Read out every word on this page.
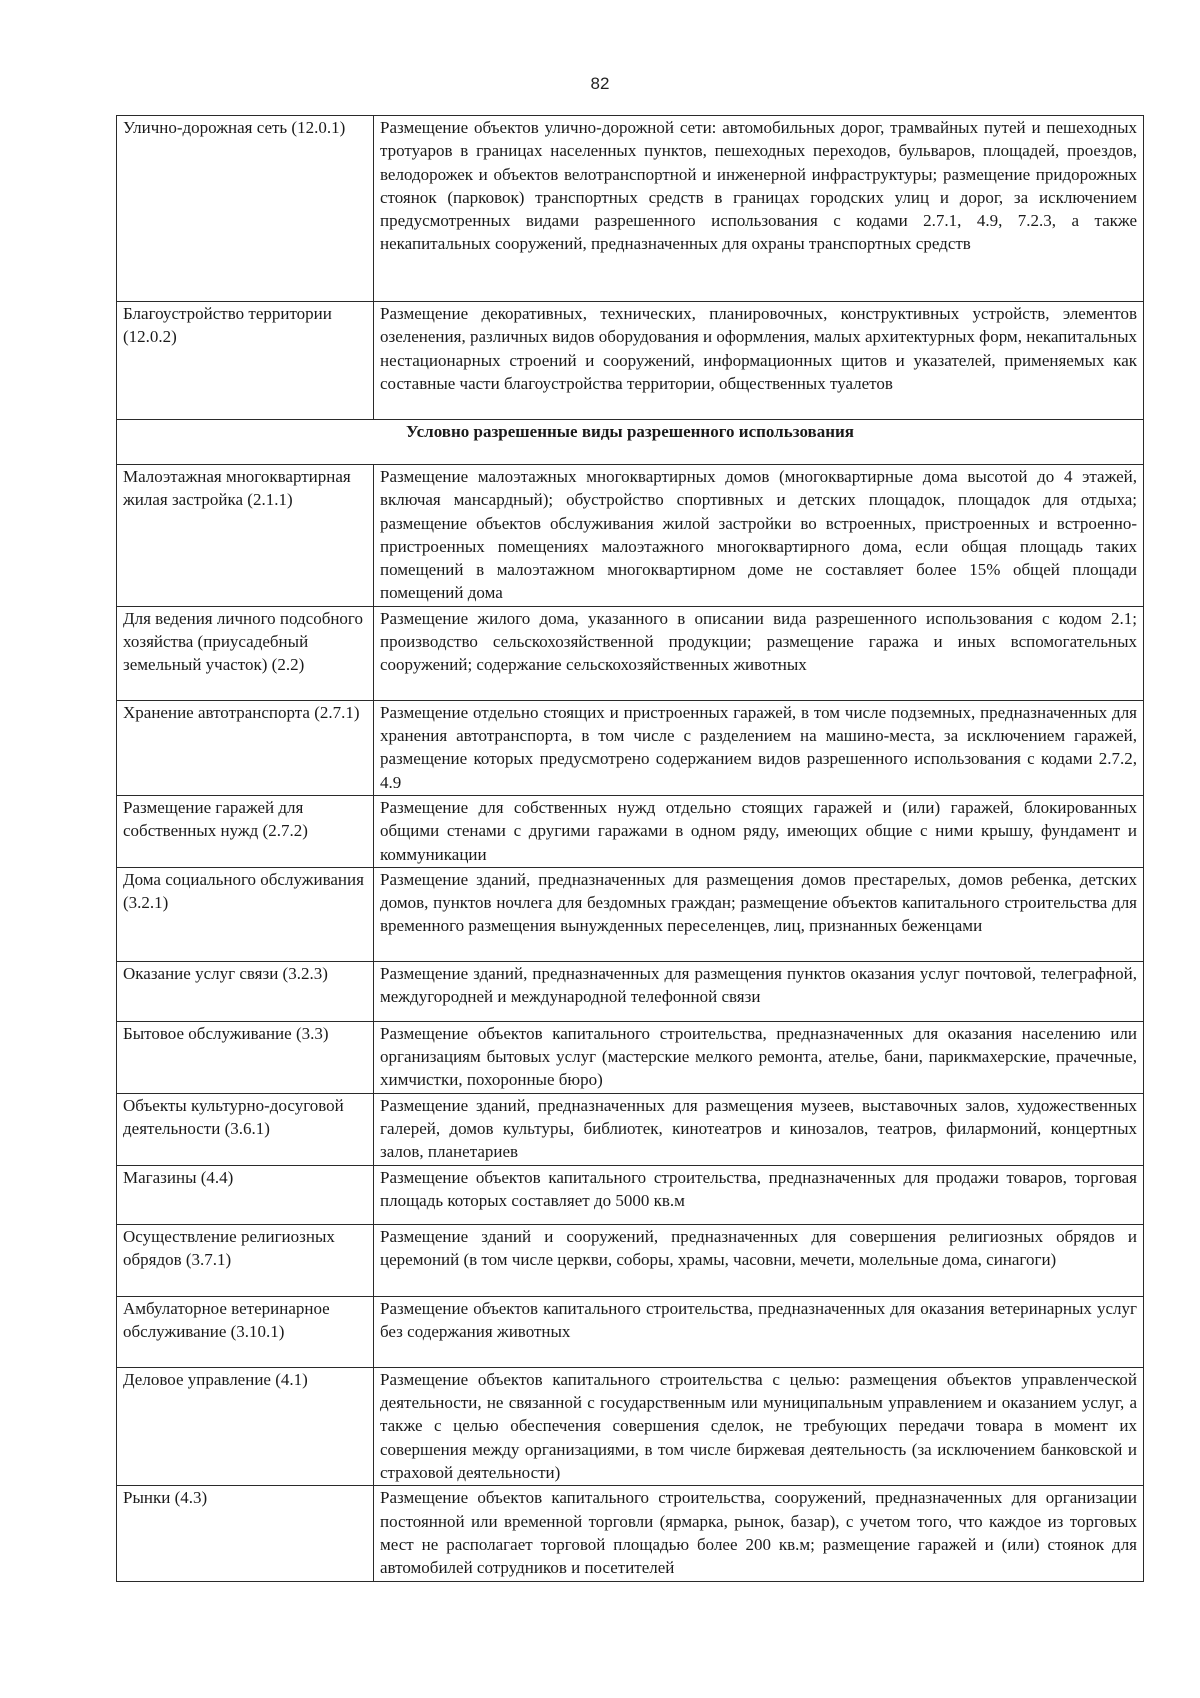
82
Улично-дорожная сеть (12.0.1)	Размещение объектов улично-дорожной сети: автомобильных дорог, трамвайных путей и пешеходных тротуаров в границах населенных пунктов, пешеходных переходов, бульваров, площадей, проездов, велодорожек и объектов велотранспортной и инженерной инфраструктуры; размещение придорожных стоянок (парковок) транспортных средств в границах городских улиц и дорог, за исключением предусмотренных видами разрешенного использования с кодами 2.7.1, 4.9, 7.2.3, а также некапитальных сооружений, предназначенных для охраны транспортных средств
Благоустройство территории (12.0.2)	Размещение декоративных, технических, планировочных, конструктивных устройств, элементов озеленения, различных видов оборудования и оформления, малых архитектурных форм, некапитальных нестационарных строений и сооружений, информационных щитов и указателей, применяемых как составные части благоустройства территории, общественных туалетов
Условно разрешенные виды разрешенного использования	
Малоэтажная многоквартирная жилая застройка (2.1.1)	Размещение малоэтажных многоквартирных домов (многоквартирные дома высотой до 4 этажей, включая мансардный); обустройство спортивных и детских площадок, площадок для отдыха; размещение объектов обслуживания жилой застройки во встроенных, пристроенных и встроенно-пристроенных помещениях малоэтажного многоквартирного дома, если общая площадь таких помещений в малоэтажном многоквартирном доме не составляет более 15% общей площади помещений дома
Для ведения личного подсобного хозяйства (приусадебный земельный участок) (2.2)	Размещение жилого дома, указанного в описании вида разрешенного использования с кодом 2.1; производство сельскохозяйственной продукции; размещение гаража и иных вспомогательных сооружений; содержание сельскохозяйственных животных
Хранение автотранспорта (2.7.1)	Размещение отдельно стоящих и пристроенных гаражей, в том числе подземных, предназначенных для хранения автотранспорта, в том числе с разделением на машино-места, за исключением гаражей, размещение которых предусмотрено содержанием видов разрешенного использования с кодами 2.7.2, 4.9
Размещение гаражей для собственных нужд (2.7.2)	Размещение для собственных нужд отдельно стоящих гаражей и (или) гаражей, блокированных общими стенами с другими гаражами в одном ряду, имеющих общие с ними крышу, фундамент и коммуникации
Дома социального обслуживания (3.2.1)	Размещение зданий, предназначенных для размещения домов престарелых, домов ребенка, детских домов, пунктов ночлега для бездомных граждан; размещение объектов капитального строительства для временного размещения вынужденных переселенцев, лиц, признанных беженцами
Оказание услуг связи (3.2.3)	Размещение зданий, предназначенных для размещения пунктов оказания услуг почтовой, телеграфной, междугородней и международной телефонной связи
Бытовое обслуживание (3.3)	Размещение объектов капитального строительства, предназначенных для оказания населению или организациям бытовых услуг (мастерские мелкого ремонта, ателье, бани, парикмахерские, прачечные, химчистки, похоронные бюро)
Объекты культурно-досуговой деятельности (3.6.1)	Размещение зданий, предназначенных для размещения музеев, выставочных залов, художественных галерей, домов культуры, библиотек, кинотеатров и кинозалов, театров, филармоний, концертных залов, планетариев
Магазины (4.4)	Размещение объектов капитального строительства, предназначенных для продажи товаров, торговая площадь которых составляет до 5000 кв.м
Осуществление религиозных обрядов (3.7.1)	Размещение зданий и сооружений, предназначенных для совершения религиозных обрядов и церемоний (в том числе церкви, соборы, храмы, часовни, мечети, молельные дома, синагоги)
Амбулаторное ветеринарное обслуживание (3.10.1)	Размещение объектов капитального строительства, предназначенных для оказания ветеринарных услуг без содержания животных
Деловое управление (4.1)	Размещение объектов капитального строительства с целью: размещения объектов управленческой деятельности, не связанной с государственным или муниципальным управлением и оказанием услуг, а также с целью обеспечения совершения сделок, не требующих передачи товара в момент их совершения между организациями, в том числе биржевая деятельность (за исключением банковской и страховой деятельности)
Рынки (4.3)	Размещение объектов капитального строительства, сооружений, предназначенных для организации постоянной или временной торговли (ярмарка, рынок, базар), с учетом того, что каждое из торговых мест не располагает торговой площадью более 200 кв.м; размещение гаражей и (или) стоянок для автомобилей сотрудников и посетителей
